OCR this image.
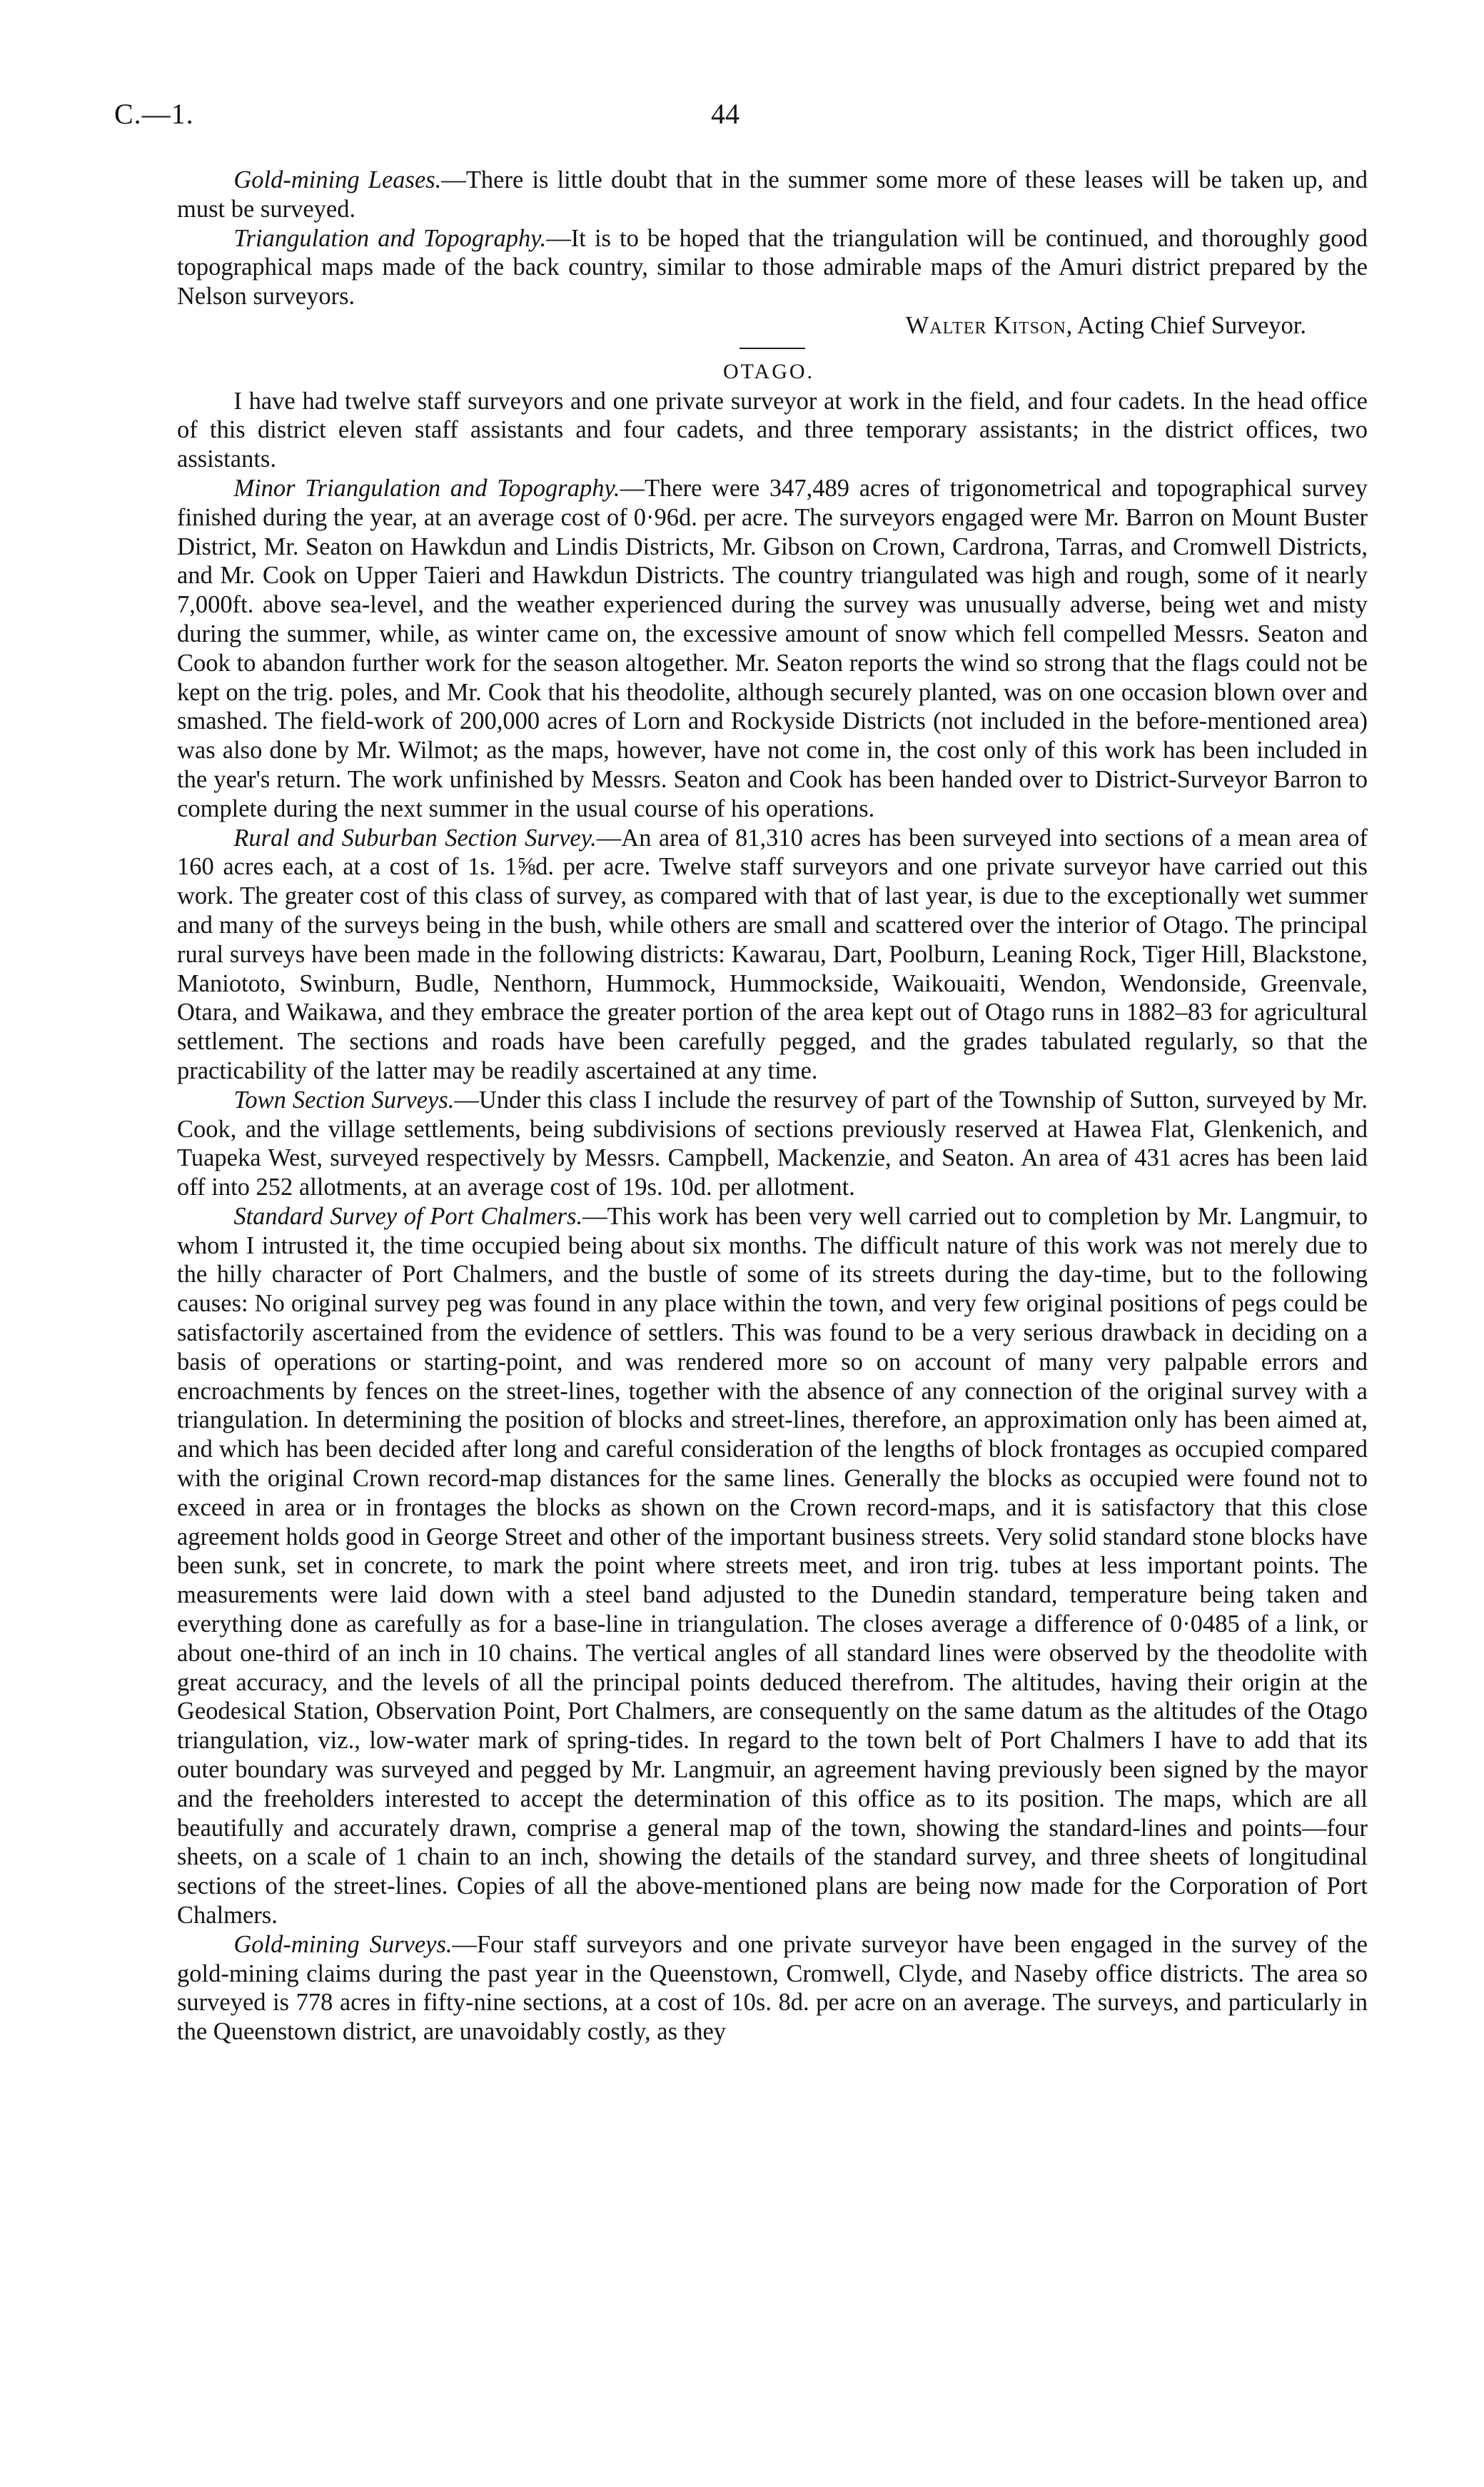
C.—1.	44

Gold-mining Leases.—There is little doubt that in the summer some more of these leases will be taken up, and must be surveyed.

Triangulation and Topography.—It is to be hoped that the triangulation will be continued, and thoroughly good topographical maps made of the back country, similar to those admirable maps of the Amuri district prepared by the Nelson surveyors.

Walter Kitson, Acting Chief Surveyor.

OTAGO.

I have had twelve staff surveyors and one private surveyor at work in the field, and four cadets. In the head office of this district eleven staff assistants and four cadets, and three temporary assistants; in the district offices, two assistants.

Minor Triangulation and Topography.—There were 347,489 acres of trigonometrical and topographical survey finished during the year, at an average cost of 0·96d. per acre. The surveyors engaged were Mr. Barron on Mount Buster District, Mr. Seaton on Hawkdun and Lindis Districts, Mr. Gibson on Crown, Cardrona, Tarras, and Cromwell Districts, and Mr. Cook on Upper Taieri and Hawkdun Districts. The country triangulated was high and rough, some of it nearly 7,000ft. above sea-level, and the weather experienced during the survey was unusually adverse, being wet and misty during the summer, while, as winter came on, the excessive amount of snow which fell compelled Messrs. Seaton and Cook to abandon further work for the season altogether. Mr. Seaton reports the wind so strong that the flags could not be kept on the trig. poles, and Mr. Cook that his theodolite, although securely planted, was on one occasion blown over and smashed. The field-work of 200,000 acres of Lorn and Rockyside Districts (not included in the before-mentioned area) was also done by Mr. Wilmot; as the maps, however, have not come in, the cost only of this work has been included in the year's return. The work unfinished by Messrs. Seaton and Cook has been handed over to District-Surveyor Barron to complete during the next summer in the usual course of his operations.

Rural and Suburban Section Survey.—An area of 81,310 acres has been surveyed into sections of a mean area of 160 acres each, at a cost of 1s. 1⅝d. per acre. Twelve staff surveyors and one private surveyor have carried out this work. The greater cost of this class of survey, as compared with that of last year, is due to the exceptionally wet summer and many of the surveys being in the bush, while others are small and scattered over the interior of Otago. The principal rural surveys have been made in the following districts: Kawarau, Dart, Poolburn, Leaning Rock, Tiger Hill, Blackstone, Maniototo, Swinburn, Budle, Nenthorn, Hummock, Hummockside, Waikouaiti, Wendon, Wendonside, Greenvale, Otara, and Waikawa, and they embrace the greater portion of the area kept out of Otago runs in 1882–83 for agricultural settlement. The sections and roads have been carefully pegged, and the grades tabulated regularly, so that the practicability of the latter may be readily ascertained at any time.

Town Section Surveys.—Under this class I include the resurvey of part of the Township of Sutton, surveyed by Mr. Cook, and the village settlements, being subdivisions of sections previously reserved at Hawea Flat, Glenkenich, and Tuapeka West, surveyed respectively by Messrs. Campbell, Mackenzie, and Seaton. An area of 431 acres has been laid off into 252 allotments, at an average cost of 19s. 10d. per allotment.

Standard Survey of Port Chalmers.—This work has been very well carried out to completion by Mr. Langmuir, to whom I intrusted it, the time occupied being about six months. The difficult nature of this work was not merely due to the hilly character of Port Chalmers, and the bustle of some of its streets during the day-time, but to the following causes: No original survey peg was found in any place within the town, and very few original positions of pegs could be satisfactorily ascertained from the evidence of settlers. This was found to be a very serious drawback in deciding on a basis of operations or starting-point, and was rendered more so on account of many very palpable errors and encroachments by fences on the street-lines, together with the absence of any connection of the original survey with a triangulation. In determining the position of blocks and street-lines, therefore, an approximation only has been aimed at, and which has been decided after long and careful consideration of the lengths of block frontages as occupied compared with the original Crown record-map distances for the same lines. Generally the blocks as occupied were found not to exceed in area or in frontages the blocks as shown on the Crown record-maps, and it is satisfactory that this close agreement holds good in George Street and other of the important business streets. Very solid standard stone blocks have been sunk, set in concrete, to mark the point where streets meet, and iron trig. tubes at less important points. The measurements were laid down with a steel band adjusted to the Dunedin standard, temperature being taken and everything done as carefully as for a base-line in triangulation. The closes average a difference of 0·0485 of a link, or about one-third of an inch in 10 chains. The vertical angles of all standard lines were observed by the theodolite with great accuracy, and the levels of all the principal points deduced therefrom. The altitudes, having their origin at the Geodesical Station, Observation Point, Port Chalmers, are consequently on the same datum as the altitudes of the Otago triangulation, viz., low-water mark of spring-tides. In regard to the town belt of Port Chalmers I have to add that its outer boundary was surveyed and pegged by Mr. Langmuir, an agreement having previously been signed by the mayor and the freeholders interested to accept the determination of this office as to its position. The maps, which are all beautifully and accurately drawn, comprise a general map of the town, showing the standard-lines and points—four sheets, on a scale of 1 chain to an inch, showing the details of the standard survey, and three sheets of longitudinal sections of the street-lines. Copies of all the above-mentioned plans are being now made for the Corporation of Port Chalmers.

Gold-mining Surveys.—Four staff surveyors and one private surveyor have been engaged in the survey of the gold-mining claims during the past year in the Queenstown, Cromwell, Clyde, and Naseby office districts. The area so surveyed is 778 acres in fifty-nine sections, at a cost of 10s. 8d. per acre on an average. The surveys, and particularly in the Queenstown district, are unavoidably costly, as they
